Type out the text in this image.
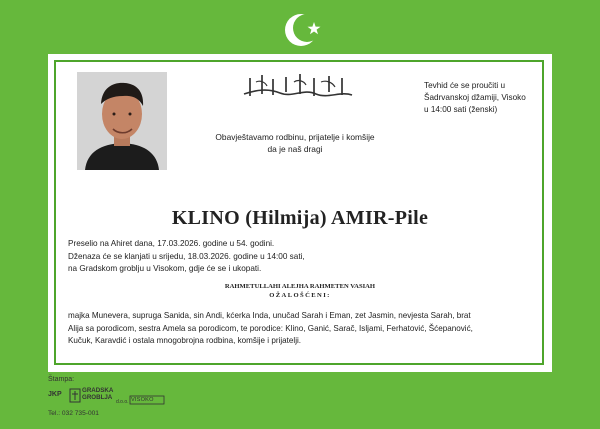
Obavještavamo rodbinu, prijatelje i komšije
da je naš dragi
Tevhid će se proučiti u
Šadrvanskoj džamiji, Visoko
u 14:00 sati (ženski)
KLINO (Hilmija) AMIR-Pile
Preselio na Ahiret dana, 17.03.2026. godine u 54. godini.
Dženaza će se klanjati u srijedu, 18.03.2026. godine u 14:00 sati,
na Gradskom groblju u Visokom, gdje će se i ukopati.
RAHMETULLAHI ALEJHA RAHMETEN VASIAH
OŽALOŠĆENI:
majka Munevera, supruga Sanida, sin Andi, kćerka Inda, unučad Sarah i Eman, zet Jasmin, nevjesta Sarah, brat
Alija sa porodicom, sestra Amela sa porodicom, te porodice: Klino, Ganić, Sarač, Isljami, Ferhatović, Šćepanović,
Kučuk, Karavdić i ostala mnogobrojna rodbina, komšije i prijatelji.
Štampa:
JKP
GRADSKA
GROBLJA
d.o.o. VISOKO
Tel.: 032 735-001
